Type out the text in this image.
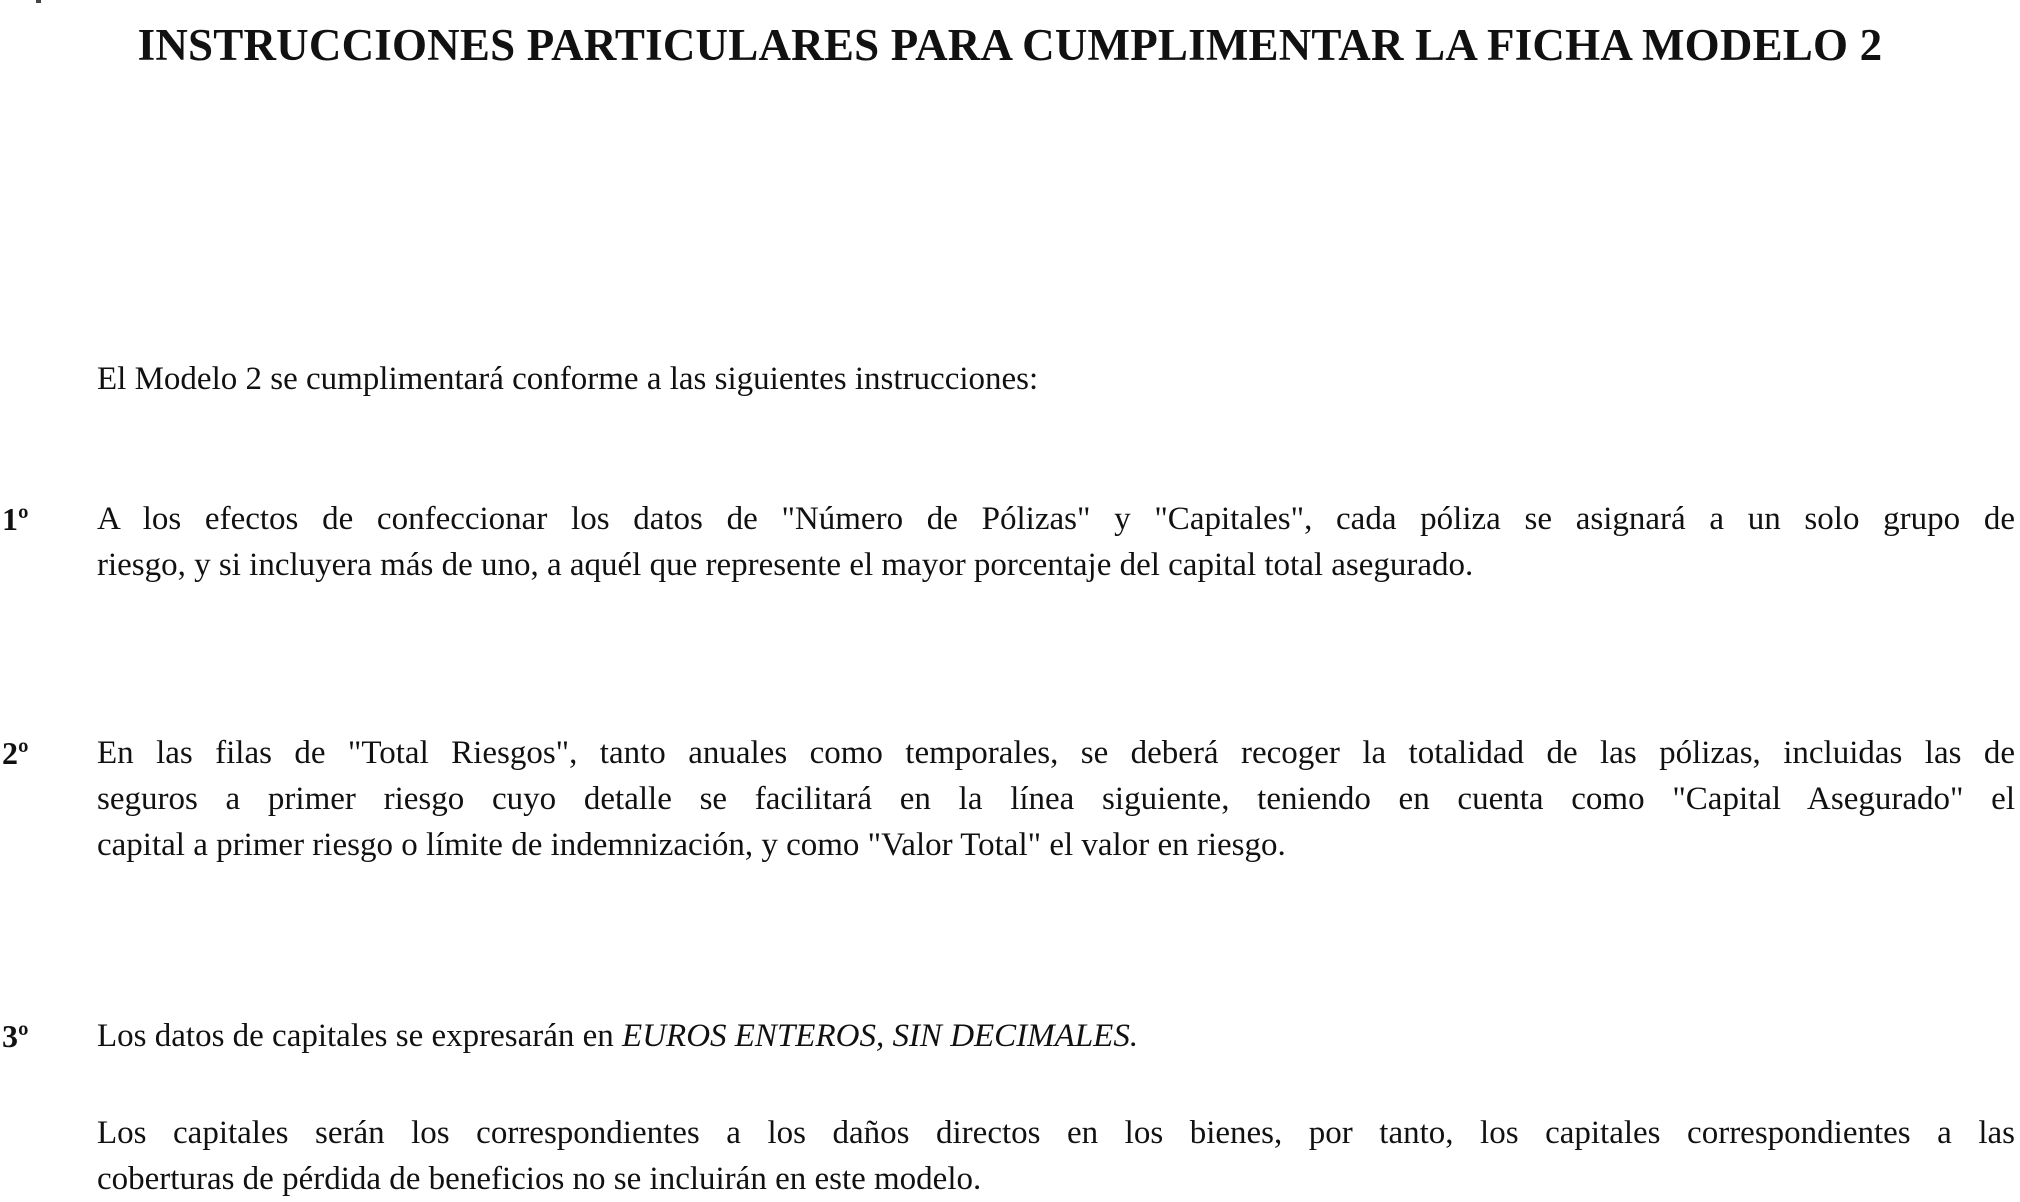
INSTRUCCIONES PARTICULARES PARA CUMPLIMENTAR LA FICHA MODELO 2
El Modelo 2 se cumplimentará conforme a las siguientes instrucciones:
1º A los efectos de confeccionar los datos de "Número de Pólizas" y "Capitales", cada póliza se asignará a un solo grupo de
riesgo, y si incluyera más de uno, a aquél que represente el mayor porcentaje del capital total asegurado.
2º En las filas de "Total Riesgos", tanto anuales como temporales, se deberá recoger la totalidad de las pólizas, incluidas las de
seguros a primer riesgo cuyo detalle se facilitará en la línea siguiente, teniendo en cuenta como "Capital Asegurado" el
capital a primer riesgo o límite de indemnización, y como "Valor Total" el valor en riesgo.
3º Los datos de capitales se expresarán en EUROS ENTEROS, SIN DECIMALES.
Los capitales serán los correspondientes a los daños directos en los bienes, por tanto, los capitales correspondientes a las
coberturas de pérdida de beneficios no se incluirán en este modelo.
